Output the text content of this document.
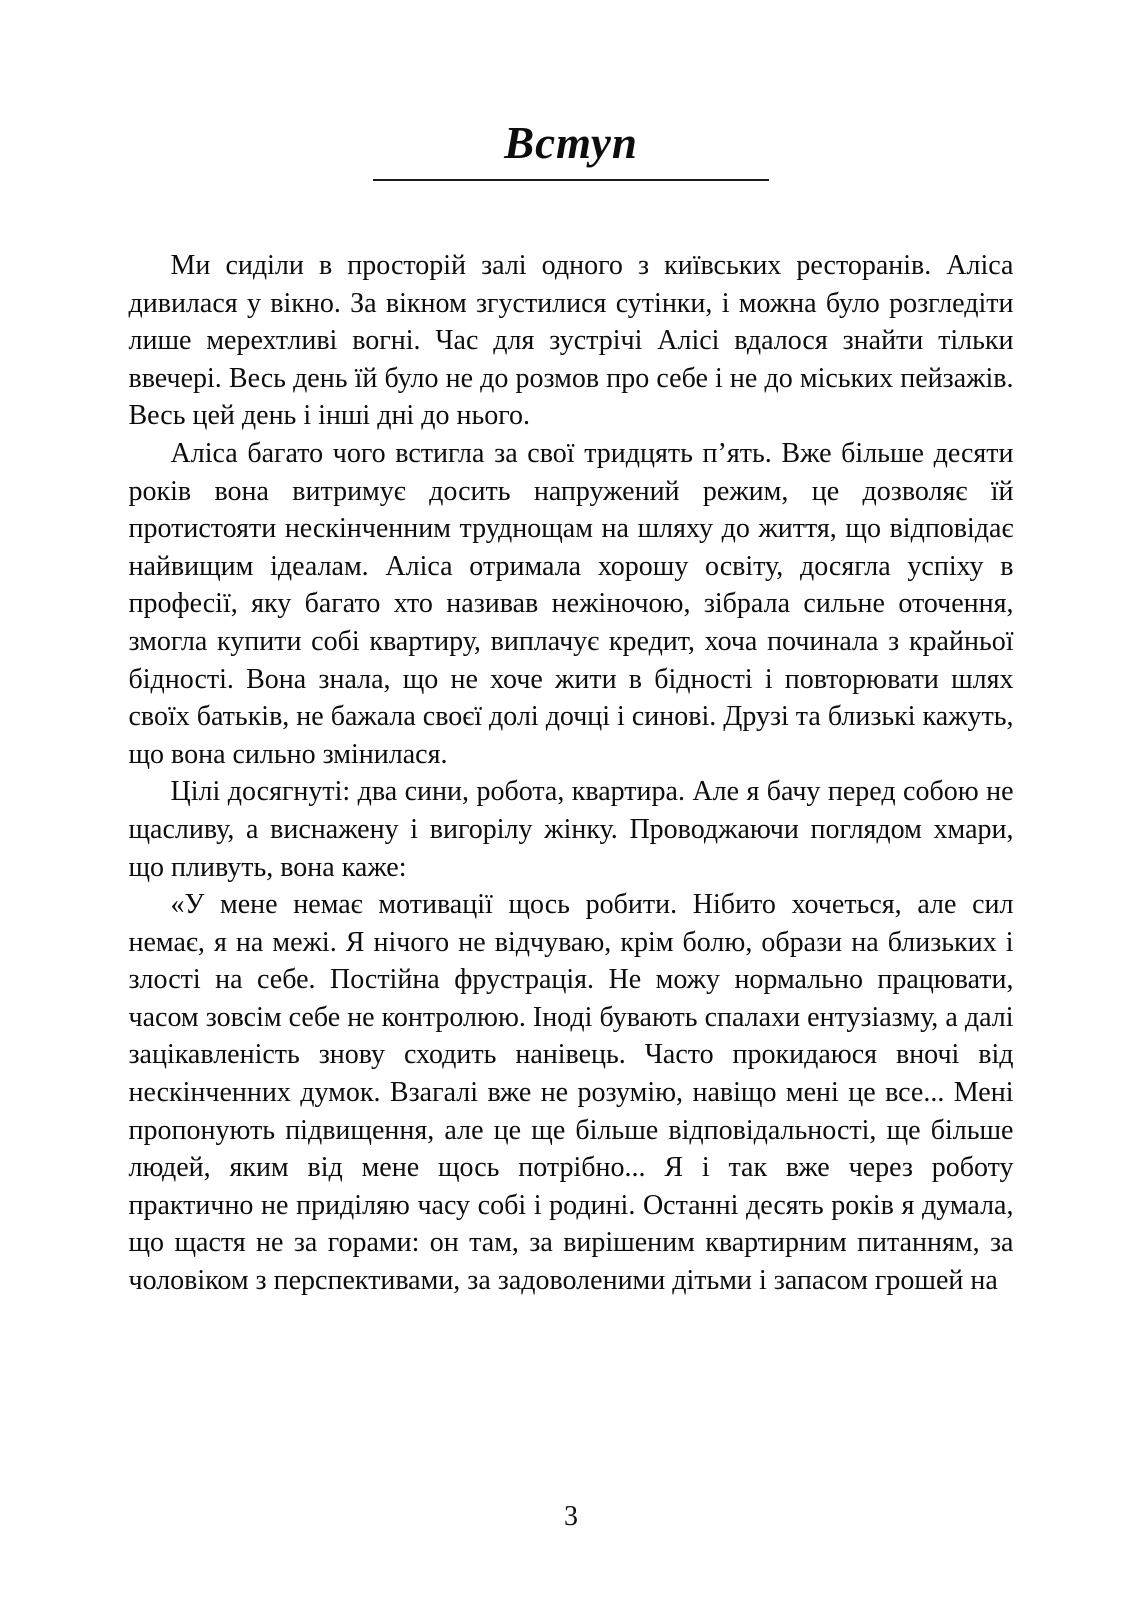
Вступ

Ми сиділи в просторій залі одного з київських ресторанів. Аліса дивилася у вікно. За вікном згустилися сутінки, і можна було розгледіти лише мерехтливі вогні. Час для зустрічі Алісі вдалося знайти тільки ввечері. Весь день їй було не до розмов про себе і не до міських пейзажів. Весь цей день і інші дні до нього.

Аліса багато чого встигла за свої тридцять п’ять. Вже більше десяти років вона витримує досить напружений режим, це дозволяє їй протистояти нескінченним труднощам на шляху до життя, що відповідає найвищим ідеалам. Аліса отримала хорошу освіту, досягла успіху в професії, яку багато хто називав нежіночою, зібрала сильне оточення, змогла купити собі квартиру, виплачує кредит, хоча починала з крайньої бідності. Вона знала, що не хоче жити в бідності і повторювати шлях своїх батьків, не бажала своєї долі дочці і синові. Друзі та близькі кажуть, що вона сильно змінилася.

Цілі досягнуті: два сини, робота, квартира. Але я бачу перед собою не щасливу, а виснажену і вигорілу жінку. Проводжаючи поглядом хмари, що пливуть, вона каже:

«У мене немає мотивації щось робити. Нібито хочеться, але сил немає, я на межі. Я нічого не відчуваю, крім болю, образи на близьких і злості на себе. Постійна фрустрація. Не можу нормально працювати, часом зовсім себе не контролюю. Іноді бувають спалахи ентузіазму, а далі зацікавленість знову сходить нанівець. Часто прокидаюся вночі від нескінченних думок. Взагалі вже не розумію, навіщо мені це все... Мені пропонують підвищення, але це ще більше відповідальності, ще більше людей, яким від мене щось потрібно... Я і так вже через роботу практично не приділяю часу собі і родині. Останні десять років я думала, що щастя не за горами: он там, за вирішеним квартирним питанням, за чоловіком з перспективами, за задоволеними дітьми і запасом грошей на

3
